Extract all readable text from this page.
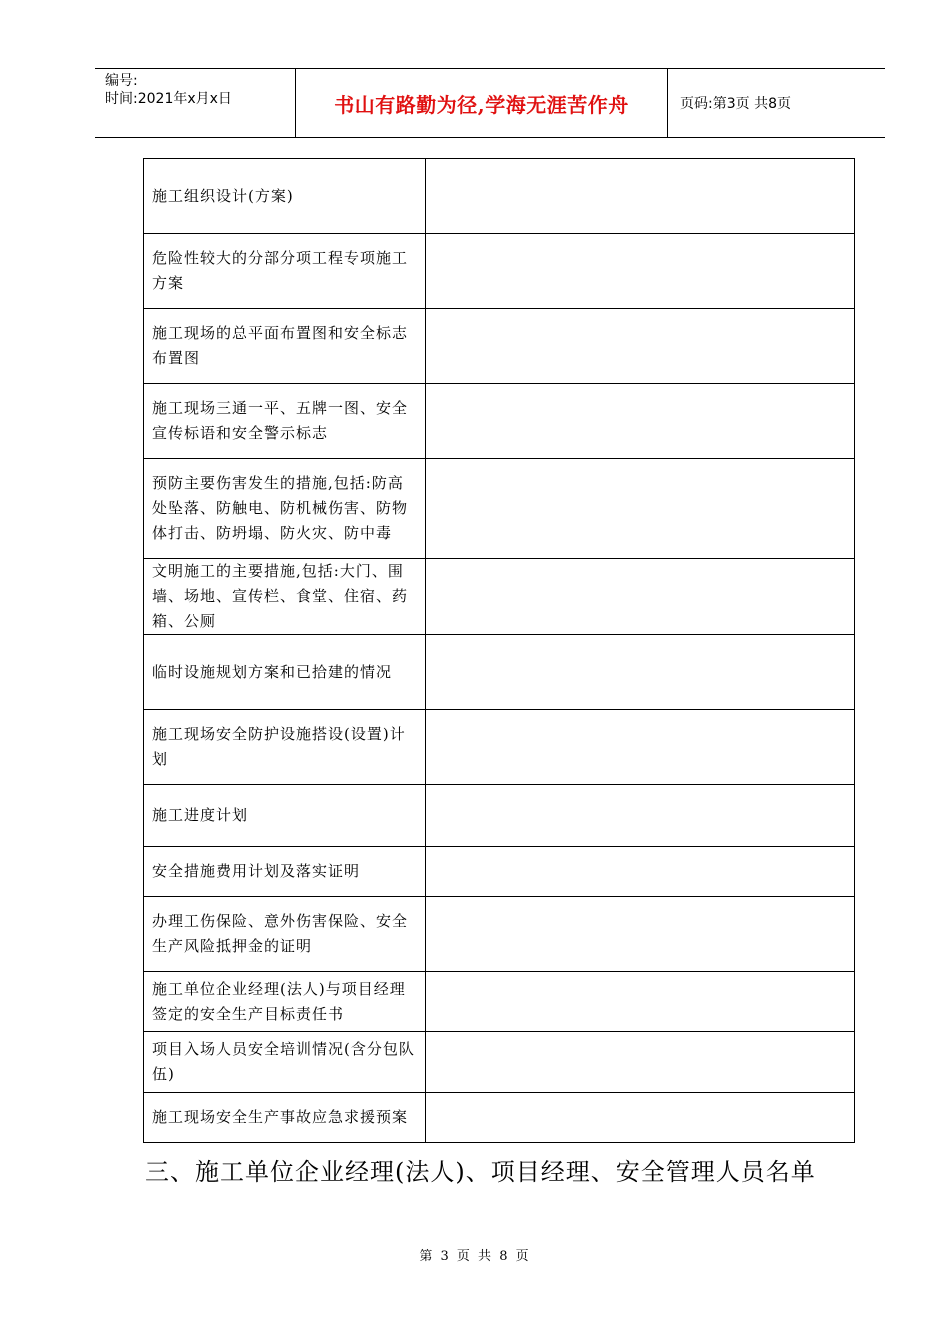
编号:
时间:2021年x月x日	书山有路勤为径,学海无涯苦作舟	页码:第3页 共8页
施工组织设计(方案)	
危险性较大的分部分项工程专项施工方案	
施工现场的总平面布置图和安全标志布置图	
施工现场三通一平、五牌一图、安全宣传标语和安全警示标志	
预防主要伤害发生的措施,包括:防高处坠落、防触电、防机械伤害、防物体打击、防坍塌、防火灾、防中毒	
文明施工的主要措施,包括:大门、围墙、场地、宣传栏、食堂、住宿、药箱、公厕	
临时设施规划方案和已拾建的情况	
施工现场安全防护设施搭设(设置)计划	
施工进度计划	
安全措施费用计划及落实证明	
办理工伤保险、意外伤害保险、安全生产风险抵押金的证明	
施工单位企业经理(法人)与项目经理签定的安全生产目标责任书	
项目入场人员安全培训情况(含分包队伍)	
施工现场安全生产事故应急求援预案	
三、施工单位企业经理(法人)、项目经理、安全管理人员名单
第 3 页 共 8 页
